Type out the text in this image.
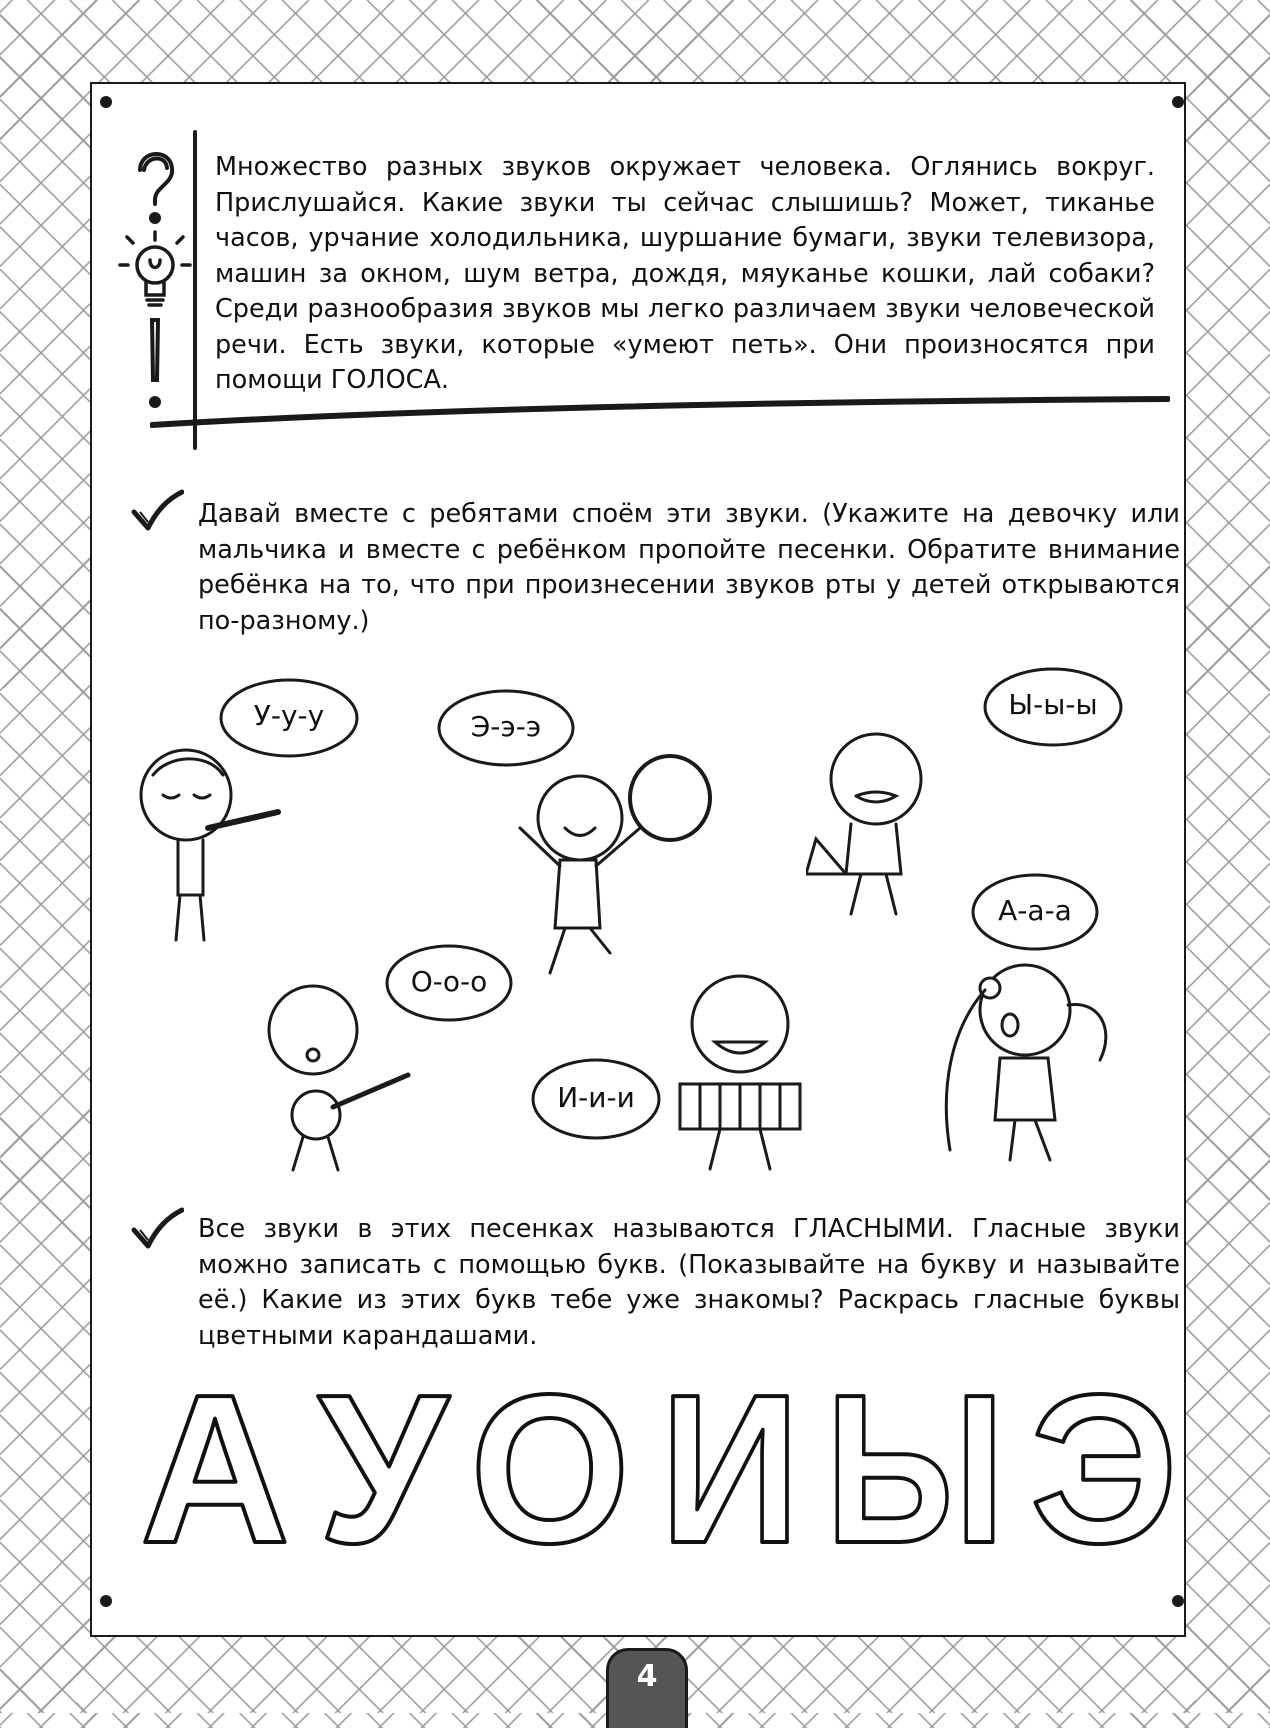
Множество разных звуков окружает человека. Оглянись вокруг. Прислушайся. Какие звуки ты сейчас слышишь? Может, тиканье часов, урчание холодильника, шуршание бумаги, звуки телевизора, машин за окном, шум ветра, дождя, мяуканье кошки, лай собаки? Среди разнообразия звуков мы легко различаем звуки человеческой речи. Есть звуки, которые «умеют петь». Они произносятся при помощи ГОЛОСА.

Давай вместе с ребятами споём эти звуки. (Укажите на девочку или мальчика и вместе с ребёнком пропойте песенки. Обратите внимание ребёнка на то, что при произнесении звуков рты у детей открываются по-разному.)

У-у-у	Э-э-э
Ы-ы-ы
А-а-а
О-о-о
И-и-и

Все звуки в этих песенках называются ГЛАСНЫМИ. Гласные звуки можно записать с помощью букв. (Показывайте на букву и называйте её.) Какие из этих букв тебе уже знакомы? Раскрась гласные буквы цветными карандашами.

А У О И Ы Э
4
